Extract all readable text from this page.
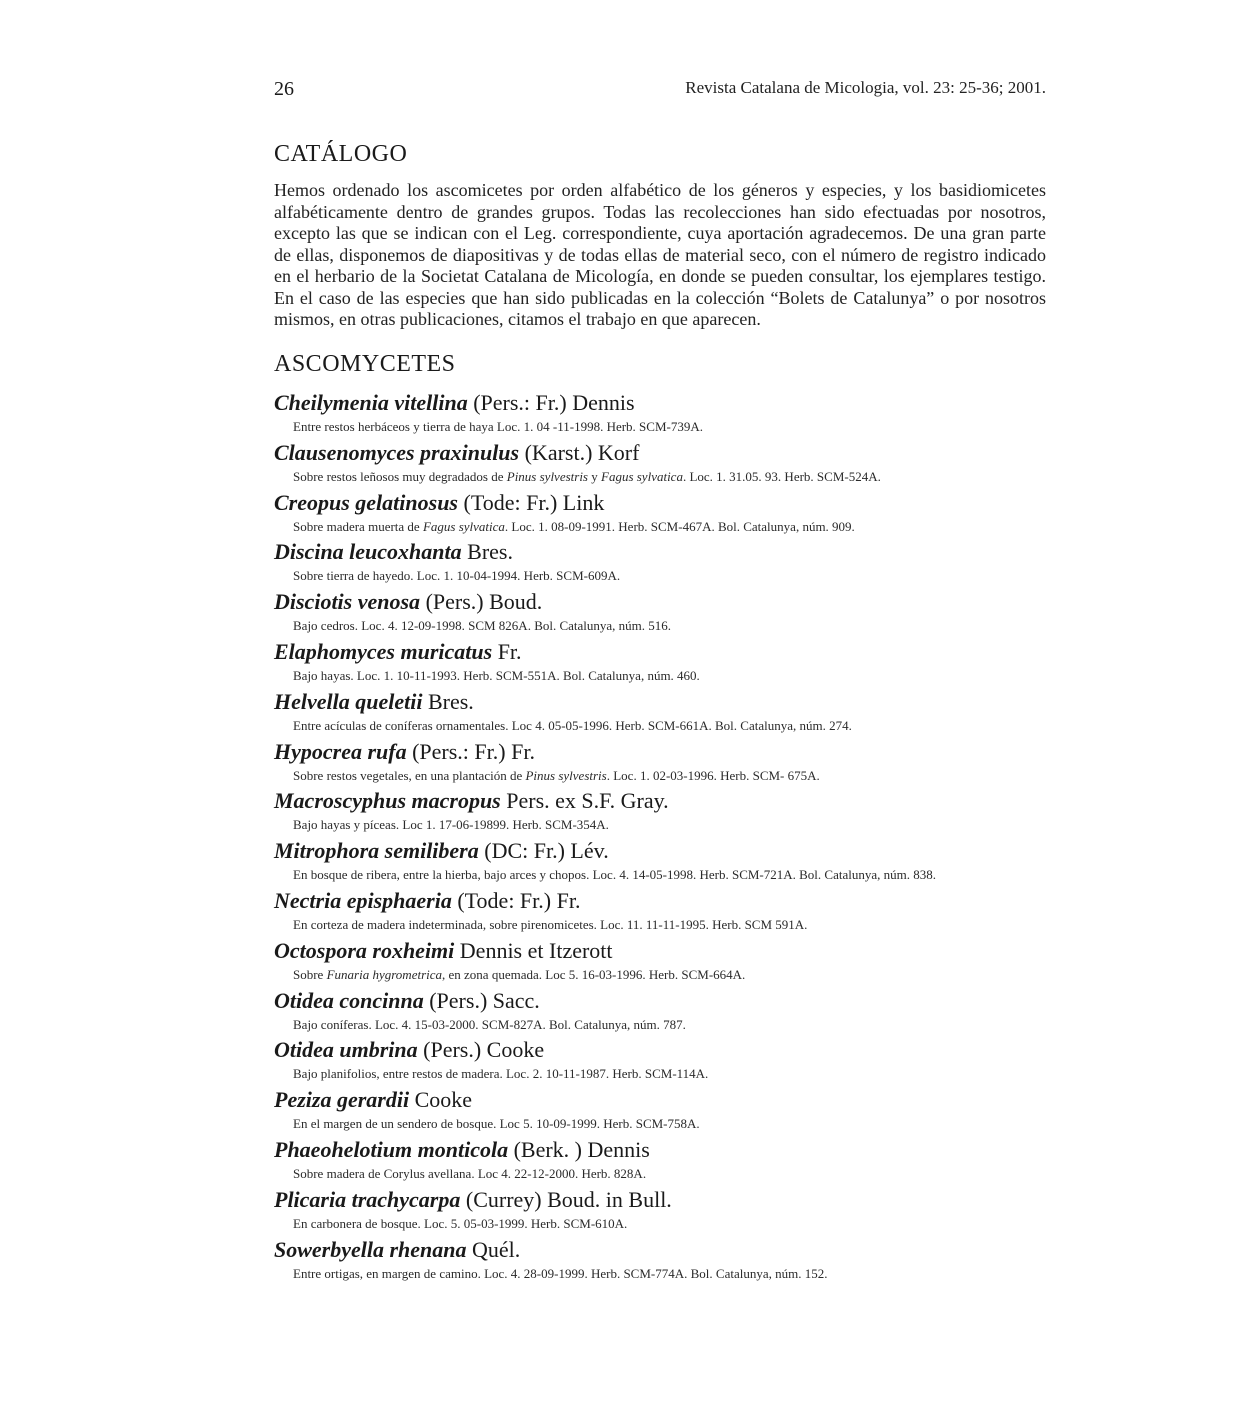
26	Revista Catalana de Micologia, vol. 23: 25-36; 2001.
CATÁLOGO

Hemos ordenado los ascomicetes por orden alfabético de los géneros y especies, y los basidiomicetes alfabéticamente dentro de grandes grupos. Todas las recolecciones han sido efectuadas por nosotros, excepto las que se indican con el Leg. correspondiente, cuya aportación agradecemos. De una gran parte de ellas, disponemos de diapositivas y de todas ellas de material seco, con el número de registro indicado en el herbario de la Societat Catalana de Micología, en donde se pueden consultar, los ejemplares testigo. En el caso de las especies que han sido publicadas en la colección “Bolets de Catalunya” o por nosotros mismos, en otras publicaciones, citamos el trabajo en que aparecen.

ASCOMYCETES
Cheilymenia vitellina (Pers.: Fr.) Dennis
Entre restos herbáceos y tierra de haya Loc. 1. 04 -11-1998. Herb. SCM-739A.
Clausenomyces praxinulus (Karst.) Korf
Sobre restos leñosos muy degradados de Pinus sylvestris y Fagus sylvatica. Loc. 1. 31.05. 93. Herb. SCM-524A.
Creopus gelatinosus (Tode: Fr.) Link
Sobre madera muerta de Fagus sylvatica. Loc. 1. 08-09-1991. Herb. SCM-467A. Bol. Catalunya, núm. 909.
Discina leucoxhanta Bres.
Sobre tierra de hayedo. Loc. 1. 10-04-1994. Herb. SCM-609A.
Disciotis venosa (Pers.) Boud.
Bajo cedros. Loc. 4. 12-09-1998. SCM 826A. Bol. Catalunya, núm. 516.
Elaphomyces muricatus Fr.
Bajo hayas. Loc. 1. 10-11-1993. Herb. SCM-551A. Bol. Catalunya, núm. 460.
Helvella queletii Bres.
Entre acículas de coníferas ornamentales. Loc 4. 05-05-1996. Herb. SCM-661A. Bol. Catalunya, núm. 274.
Hypocrea rufa (Pers.: Fr.) Fr.
Sobre restos vegetales, en una plantación de Pinus sylvestris. Loc. 1. 02-03-1996. Herb. SCM- 675A.
Macroscyphus macropus Pers. ex S.F. Gray.
Bajo hayas y píceas. Loc 1. 17-06-19899. Herb. SCM-354A.
Mitrophora semilibera (DC: Fr.) Lév.
En bosque de ribera, entre la hierba, bajo arces y chopos. Loc. 4. 14-05-1998. Herb. SCM-721A. Bol. Catalunya, núm. 838.
Nectria episphaeria (Tode: Fr.) Fr.
En corteza de madera indeterminada, sobre pirenomicetes. Loc. 11. 11-11-1995. Herb. SCM 591A.
Octospora roxheimi Dennis et Itzerott
Sobre Funaria hygrometrica, en zona quemada. Loc 5. 16-03-1996. Herb. SCM-664A.
Otidea concinna (Pers.) Sacc.
Bajo coníferas. Loc. 4. 15-03-2000. SCM-827A. Bol. Catalunya, núm. 787.
Otidea umbrina (Pers.) Cooke
Bajo planifolios, entre restos de madera. Loc. 2. 10-11-1987. Herb. SCM-114A.
Peziza gerardii Cooke
En el margen de un sendero de bosque. Loc 5. 10-09-1999. Herb. SCM-758A.
Phaeohelotium monticola (Berk. ) Dennis
Sobre madera de Corylus avellana. Loc 4. 22-12-2000. Herb. 828A.
Plicaria trachycarpa (Currey) Boud. in Bull.
En carbonera de bosque. Loc. 5. 05-03-1999. Herb. SCM-610A.
Sowerbyella rhenana Quél.
Entre ortigas, en margen de camino. Loc. 4. 28-09-1999. Herb. SCM-774A. Bol. Catalunya, núm. 152.
